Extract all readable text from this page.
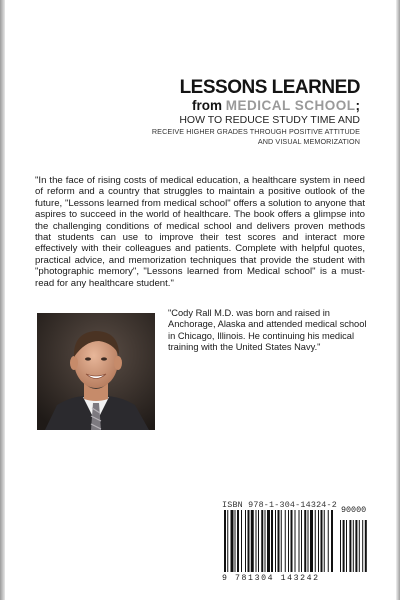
LESSONS LEARNED
from MEDICAL SCHOOL;
HOW TO REDUCE STUDY TIME AND
RECEIVE HIGHER GRADES THROUGH POSITIVE ATTITUDE
AND VISUAL MEMORIZATION
"In the face of rising costs of medical education, a healthcare system in need of reform and a country that struggles to maintain a positive outlook of the future, "Lessons learned from medical school" offers a solution to anyone that aspires to succeed in the world of healthcare. The book offers a glimpse into the challenging conditions of medical school and delivers proven methods that students can use to improve their test scores and interact more effectively with their colleagues and patients. Complete with helpful quotes, practical advice, and memorization techniques that provide the student with "photographic memory", "Lessons learned from Medical school" is a must-read for any healthcare student."
"Cody Rall M.D. was born and raised in Anchorage, Alaska and attended medical school in Chicago, Illinois. He continuing his medical training with the United States Navy."
ISBN 978-1-304-14324-2 90000
9 781304 143242
